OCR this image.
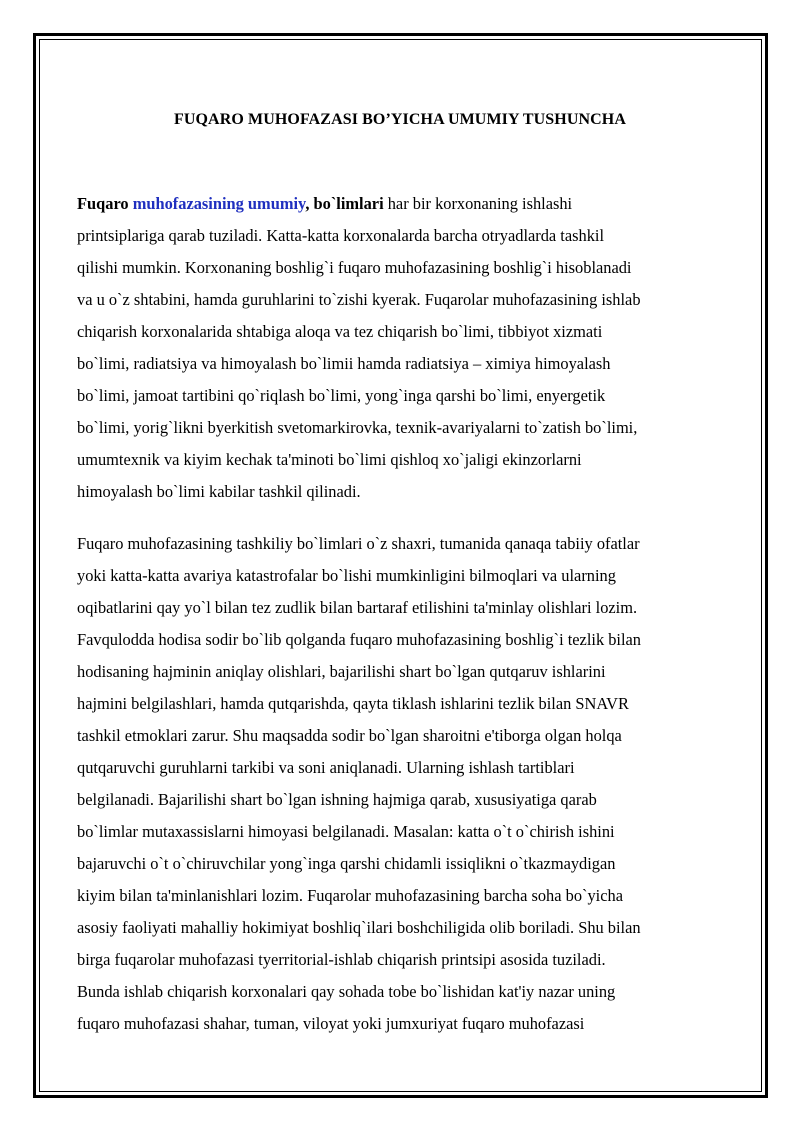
FUQARO MUHOFAZASI BO’YICHA UMUMIY TUSHUNCHA

Fuqaro muhofazasining umumiy, bo`limlari har bir korxonaning ishlashi
printsiplariga qarab tuziladi. Katta-katta korxonalarda barcha otryadlarda tashkil
qilishi mumkin. Korxonaning boshlig`i fuqaro muhofazasining boshlig`i hisoblanadi
va u o`z shtabini, hamda guruhlarini to`zishi kyerak. Fuqarolar muhofazasining ishlab
chiqarish korxonalarida shtabiga aloqa va tez chiqarish bo`limi, tibbiyot xizmati
bo`limi, radiatsiya va himoyalash bo`limii hamda radiatsiya – ximiya himoyalash
bo`limi, jamoat tartibini qo`riqlash bo`limi, yong`inga qarshi bo`limi, enyergetik
bo`limi, yorig`likni byerkitish svetomarkirovka, texnik-avariyalarni to`zatish bo`limi,
umumtexnik va kiyim kechak ta'minoti bo`limi qishloq xo`jaligi ekinzorlarni
himoyalash bo`limi kabilar tashkil qilinadi.

Fuqaro muhofazasining tashkiliy bo`limlari o`z shaxri, tumanida qanaqa tabiiy ofatlar
yoki katta-katta avariya katastrofalar bo`lishi mumkinligini bilmoqlari va ularning
oqibatlarini qay yo`l bilan tez zudlik bilan bartaraf etilishini ta'minlay olishlari lozim.
Favqulodda hodisa sodir bo`lib qolganda fuqaro muhofazasining boshlig`i tezlik bilan
hodisaning hajminin aniqlay olishlari, bajarilishi shart bo`lgan qutqaruv ishlarini
hajmini belgilashlari, hamda qutqarishda, qayta tiklash ishlarini tezlik bilan SNAVR
tashkil etmoklari zarur. Shu maqsadda sodir bo`lgan sharoitni e'tiborga olgan holqa
qutqaruvchi guruhlarni tarkibi va soni aniqlanadi. Ularning ishlash tartiblari
belgilanadi. Bajarilishi shart bo`lgan ishning hajmiga qarab, xususiyatiga qarab
bo`limlar mutaxassislarni himoyasi belgilanadi. Masalan: katta o`t o`chirish ishini
bajaruvchi o`t o`chiruvchilar yong`inga qarshi chidamli issiqlikni o`tkazmaydigan
kiyim bilan ta'minlanishlari lozim. Fuqarolar muhofazasining barcha soha bo`yicha
asosiy faoliyati mahalliy hokimiyat boshliq`ilari boshchiligida olib boriladi. Shu bilan
birga fuqarolar muhofazasi tyerritorial-ishlab chiqarish printsipi asosida tuziladi.
Bunda ishlab chiqarish korxonalari qay sohada tobe bo`lishidan kat'iy nazar uning
fuqaro muhofazasi shahar, tuman, viloyat yoki jumxuriyat fuqaro muhofazasi
